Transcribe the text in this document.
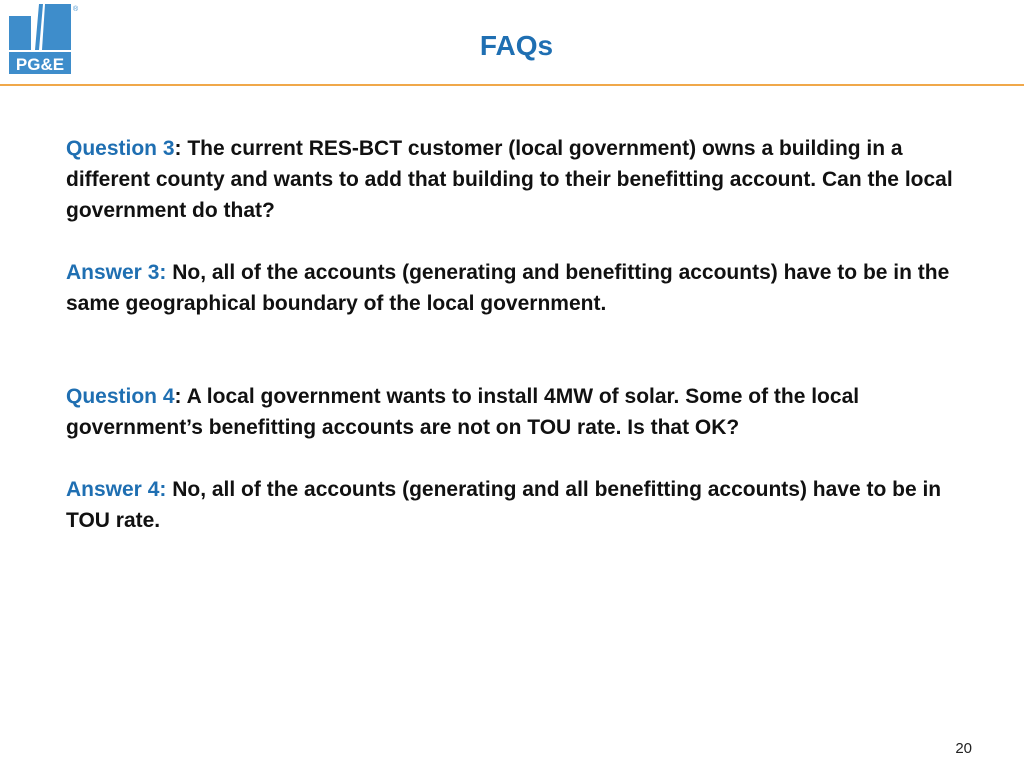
PG&E
®
FAQs

Question 3: The current RES-BCT customer (local government) owns a building in a different county and wants to add that building to their benefitting account. Can the local government do that?

Answer 3: No, all of the accounts (generating and benefitting accounts) have to be in the same geographical boundary of the local government.

Question 4: A local government wants to install 4MW of solar. Some of the local government’s benefitting accounts are not on TOU rate. Is that OK?

Answer 4: No, all of the accounts (generating and all benefitting accounts) have to be in TOU rate.

20
